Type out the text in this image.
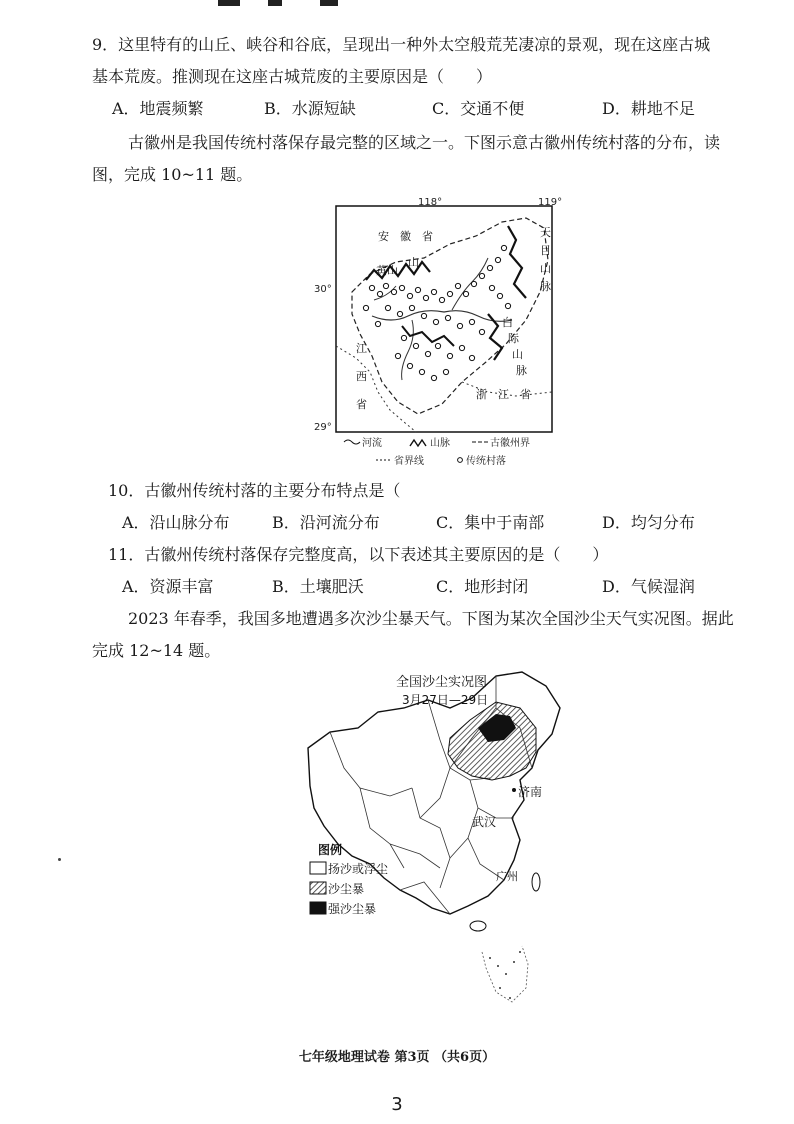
9．这里特有的山丘、峡谷和谷底，呈现出一种外太空般荒芜凄凉的景观，现在这座古城
基本荒废。推测现在这座古城荒废的主要原因是（　　）
A．地震频繁	B．水源短缺	C．交通不便	D．耕地不足
古徽州是我国传统村落保存最完整的区域之一。下图示意古徽州传统村落的分布，读
图，完成 10~11 题。
118°	119°
30°
29°
安　徽　省
黄山
山
江
西
省
浙　江　省
天
目
山
脉
白
际
山
脉
河流	山脉	古徽州界
省界线	传统村落
10．古徽州传统村落的主要分布特点是（
A．沿山脉分布	B．沿河流分布	C．集中于南部	D．均匀分布
11．古徽州传统村落保存完整度高，以下表述其主要原因的是（　　）
A．资源丰富	B．土壤肥沃	C．地形封闭	D．气候湿润
2023 年春季，我国多地遭遇多次沙尘暴天气。下图为某次全国沙尘天气实况图。据此
完成 12~14 题。
全国沙尘实况图
3月27日—29日
济南
武汉
广州
图例
扬沙或浮尘
沙尘暴
强沙尘暴
七年级地理试卷 第3页 （共6页）
3
